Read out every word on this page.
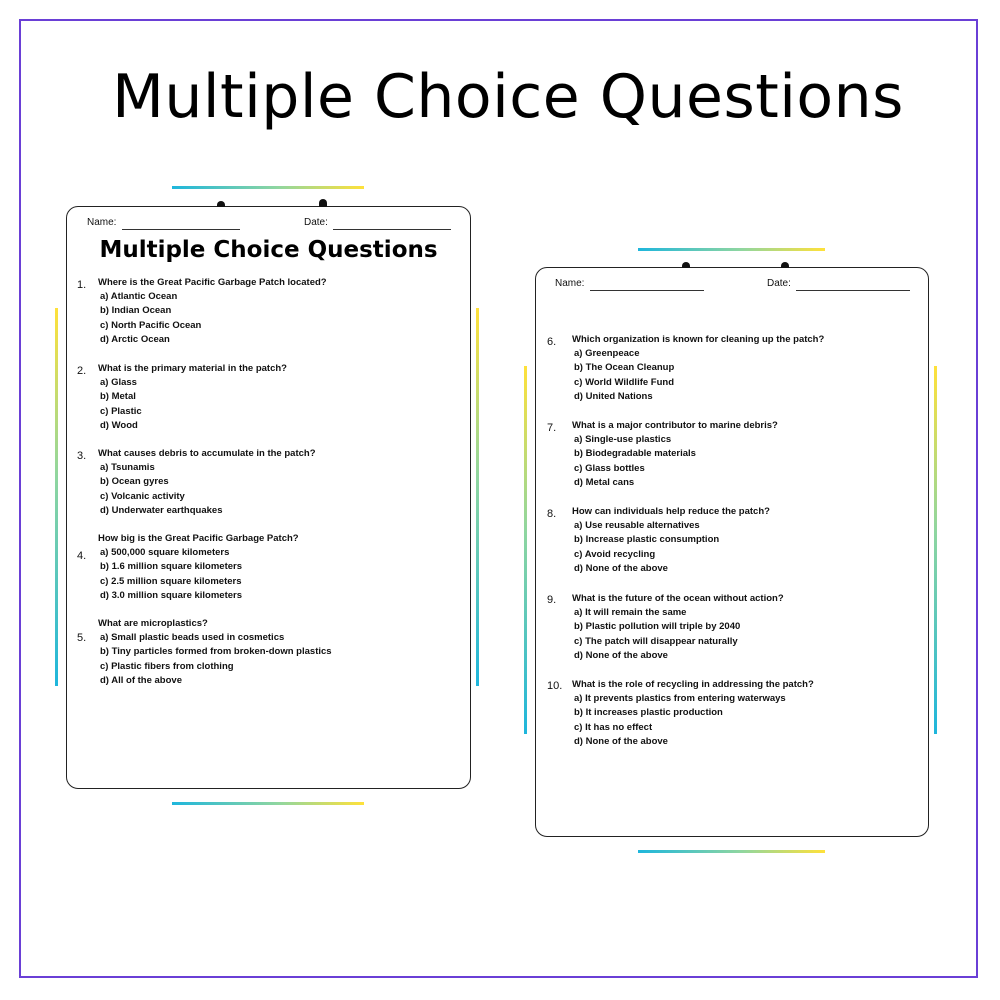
Multiple Choice Questions
Name:	Date:
Multiple Choice Questions
1. Where is the Great Pacific Garbage Patch located?
a) Atlantic Ocean
b) Indian Ocean
c) North Pacific Ocean
d) Arctic Ocean
2. What is the primary material in the patch?
a) Glass
b) Metal
c) Plastic
d) Wood
3. What causes debris to accumulate in the patch?
a) Tsunamis
b) Ocean gyres
c) Volcanic activity
d) Underwater earthquakes
4.
How big is the Great Pacific Garbage Patch?
a) 500,000 square kilometers
b) 1.6 million square kilometers
c) 2.5 million square kilometers
d) 3.0 million square kilometers
5.
What are microplastics?
a) Small plastic beads used in cosmetics
b) Tiny particles formed from broken-down plastics
c) Plastic fibers from clothing
d) All of the above
Name:	Date:
6. Which organization is known for cleaning up the patch?
a) Greenpeace
b) The Ocean Cleanup
c) World Wildlife Fund
d) United Nations
7. What is a major contributor to marine debris?
a) Single-use plastics
b) Biodegradable materials
c) Glass bottles
d) Metal cans
8. How can individuals help reduce the patch?
a) Use reusable alternatives
b) Increase plastic consumption
c) Avoid recycling
d) None of the above
9. What is the future of the ocean without action?
a) It will remain the same
b) Plastic pollution will triple by 2040
c) The patch will disappear naturally
d) None of the above
10. What is the role of recycling in addressing the patch?
a) It prevents plastics from entering waterways
b) It increases plastic production
c) It has no effect
d) None of the above
